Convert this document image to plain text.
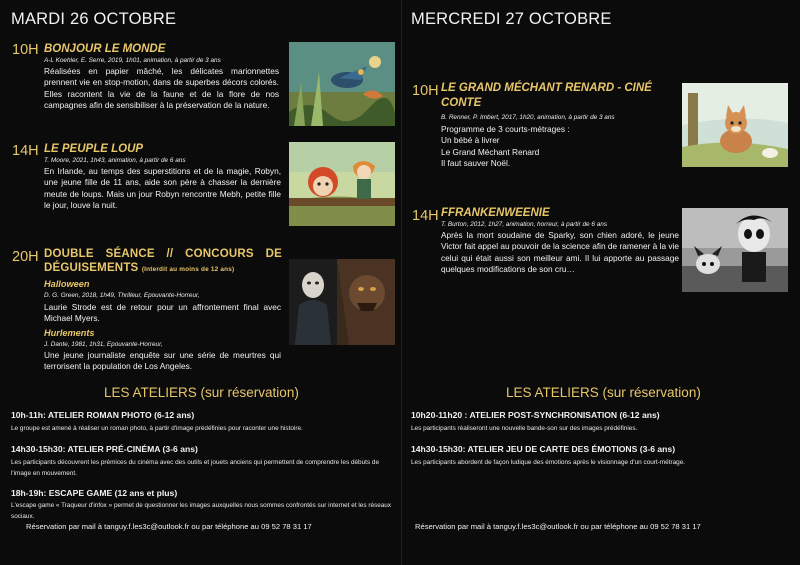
MARDI 26 OCTOBRE
10H BONJOUR LE MONDE
A-L Koehler, E. Serre, 2019, 1h01, animation, à partir de 3 ans
Réalisées en papier mâché, les délicates marionnettes prennent vie en stop-motion, dans de superbes décors colorés. Elles racontent la vie de la faune et de la flore de nos campagnes afin de sensibiliser à la préservation de la nature.
14H LE PEUPLE LOUP
T. Moore, 2021, 1h43, animation, à partir de 6 ans
En Irlande, au temps des superstitions et de la magie, Robyn, une jeune fille de 11 ans, aide son père à chasser la dernière meute de loups. Mais un jour Robyn rencontre Mebh, petite fille le jour, louve la nuit.
20H DOUBLE SÉANCE // CONCOURS DE DÉGUISEMENTS (Interdit au moins de 12 ans)
Halloween
D. G. Green, 2018, 1h49, Thrilleur, Epouvante-Horreur,
Laurie Strode est de retour pour un affrontement final avec Michael Myers.
Hurlements
J. Dante, 1981, 1h31, Epouvante-Horreur,
Une jeune journaliste enquête sur une série de meurtres qui terrorisent la population de Los Angeles.
LES ATELIERS (sur réservation)
10h-11h: ATELIER ROMAN PHOTO (6-12 ans)
Le groupe est amené à réaliser un roman photo, à partir d'image prédéfinies pour raconter une histoire.
14h30-15h30: ATELIER PRÉ-CINÉMA (3-6 ans)
Les participants découvrent les prémices du cinéma avec des outils et jouets anciens qui permettent de comprendre les débuts de l'image en mouvement.
18h-19h: ESCAPE GAME (12 ans et plus)
L'escape game « Traqueur d'infox » permet de questionner les images auxquelles nous sommes confrontés sur internet et les réseaux sociaux.
Réservation par mail à tanguy.f.les3c@outlook.fr ou par téléphone au 09 52 78 31 17
MERCREDI 27 OCTOBRE
10H LE GRAND MÉCHANT RENARD - CINÉ CONTE
B. Renner, P. Imbert, 2017, 1h20, animation, à partir de 3 ans
Programme de 3 courts-métrages :
Un bébé à livrer
Le Grand Méchant Renard
Il faut sauver Noël.
14H FFRANKENWEENIE
T. Burton, 2012, 1h27, animation, horreur, à partir de 6 ans
Après la mort soudaine de Sparky, son chien adoré, le jeune Victor fait appel au pouvoir de la science afin de ramener à la vie celui qui était aussi son meilleur ami. Il lui apporte au passage quelques modifications de son cru…
LES ATELIERS (sur réservation)
10h20-11h20 : ATELIER POST-SYNCHRONISATION (6-12 ans)
Les participants réaliseront une nouvelle bande-son sur des images prédéfinies.
14h30-15h30: ATELIER JEU DE CARTE DES ÉMOTIONS (3-6 ans)
Les participants abordent de façon ludique des émotions après le visionnage d'un court-métrage.
Réservation par mail à tanguy.f.les3c@outlook.fr ou par téléphone au 09 52 78 31 17
